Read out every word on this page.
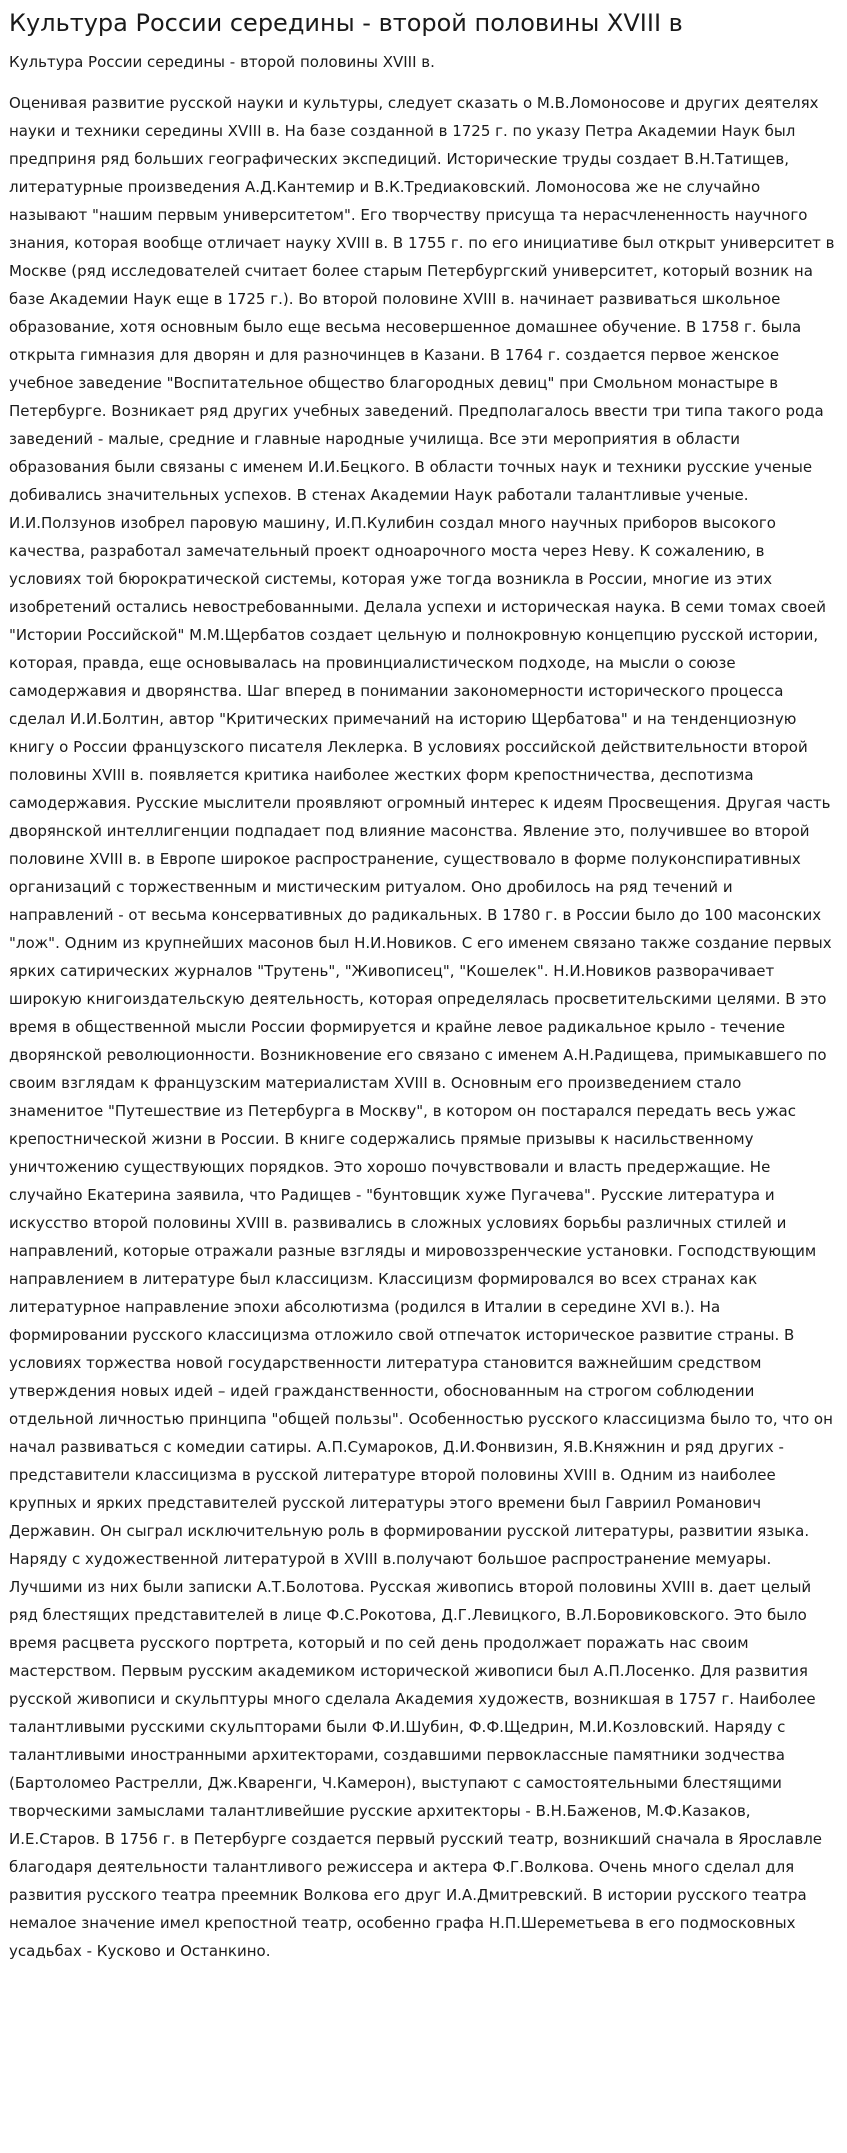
Культура России середины - второй половины XVIII в
Культура России середины - второй половины XVIII в.

Оценивая развитие русской науки и культуры, следует сказать о М.В.Ломоносове и других деятелях науки и техники середины XVIII в. На базе созданной в 1725 г. по указу Петра Академии Наук был предприня ряд больших географических экспедиций. Исторические труды создает В.Н.Татищев, литературные произведения А.Д.Кантемир и В.К.Тредиаковский. Ломоносова же не случайно называют "нашим первым университетом". Его творчеству присуща та нерасчлененность научного знания, которая вообще отличает науку XVIII в. В 1755 г. по его инициативе был открыт университет в Москве (ряд исследователей считает более старым Петербургский университет, который возник на базе Академии Наук еще в 1725 г.). Во второй половине XVIII в. начинает развиваться школьное образование, хотя основным было еще весьма несовершенное домашнее обучение. В 1758 г. была открыта гимназия для дворян и для разночинцев в Казани. В 1764 г. создается первое женское учебное заведение "Воспитательное общество благородных девиц" при Смольном монастыре в Петербурге. Возникает ряд других учебных заведений. Предполагалось ввести три типа такого рода заведений - малые, средние и главные народные училища. Все эти мероприятия в области образования были связаны с именем И.И.Бецкого. В области точных наук и техники русские ученые добивались значительных успехов. В стенах Академии Наук работали талантливые ученые. И.И.Ползунов изобрел паровую машину, И.П.Кулибин создал много научных приборов высокого качества, разработал замечательный проект одноарочного моста через Неву. К сожалению, в условиях той бюрократической системы, которая уже тогда возникла в России, многие из этих изобретений остались невостребованными. Делала успехи и историческая наука. В семи томах своей "Истории Российской" М.М.Щербатов создает цельную и полнокровную концепцию русской истории, которая, правда, еще основывалась на провинциалистическом подходе, на мысли о союзе самодержавия и дворянства. Шаг вперед в понимании закономерности исторического процесса сделал И.И.Болтин, автор "Критических примечаний на историю Щербатова" и на тенденциозную книгу о России французского писателя Леклерка. В условиях российской действительности второй половины XVIII в. появляется критика наиболее жестких форм крепостничества, деспотизма самодержавия. Русские мыслители проявляют огромный интерес к идеям Просвещения. Другая часть дворянской интеллигенции подпадает под влияние масонства. Явление это, получившее во второй половине XVIII в. в Европе широкое распространение, существовало в форме полуконспиративных организаций с торжественным и мистическим ритуалом. Оно дробилось на ряд течений и направлений - от весьма консервативных до радикальных. В 1780 г. в России было до 100 масонских "лож". Одним из крупнейших масонов был Н.И.Новиков. С его именем связано также создание первых ярких сатирических журналов "Трутень", "Живописец", "Кошелек". Н.И.Новиков разворачивает широкую книгоиздательскую деятельность, которая определялась просветительскими целями. В это время в общественной мысли России формируется и крайне левое радикальное крыло - течение дворянской революционности. Возникновение его связано с именем А.Н.Радищева, примыкавшего по своим взглядам к французским материалистам XVIII в. Основным его произведением стало знаменитое "Путешествие из Петербурга в Москву", в котором он постарался передать весь ужас крепостнической жизни в России. В книге содержались прямые призывы к насильственному уничтожению существующих порядков. Это хорошо почувствовали и власть предержащие. Не случайно Екатерина заявила, что Радищев - "бунтовщик хуже Пугачева". Русские литература и искусство второй половины XVIII в. развивались в сложных условиях борьбы различных стилей и направлений, которые отражали разные взгляды и мировоззренческие установки. Господствующим направлением в литературе был классицизм. Классицизм формировался во всех странах как литературное направление эпохи абсолютизма (родился в Италии в середине XVI в.). На формировании русского классицизма отложило свой отпечаток историческое развитие страны. В условиях торжества новой государственности литература становится важнейшим средством утверждения новых идей – идей гражданственности, обоснованным на строгом соблюдении отдельной личностью принципа "общей пользы". Особенностью русского классицизма было то, что он начал развиваться с комедии сатиры. А.П.Сумароков, Д.И.Фонвизин, Я.В.Княжнин и ряд других - представители классицизма в русской литературе второй половины XVIII в. Одним из наиболее крупных и ярких представителей русской литературы этого времени был Гавриил Романович Державин. Он сыграл исключительную роль в формировании русской литературы, развитии языка. Наряду с художественной литературой в XVIII в.получают большое распространение мемуары. Лучшими из них были записки А.Т.Болотова. Русская живопись второй половины XVIII в. дает целый ряд блестящих представителей в лице Ф.С.Рокотова, Д.Г.Левицкого, В.Л.Боровиковского. Это было время расцвета русского портрета, который и по сей день продолжает поражать нас своим мастерством. Первым русским академиком исторической живописи был А.П.Лосенко. Для развития русской живописи и скульптуры много сделала Академия художеств, возникшая в 1757 г. Наиболее талантливыми русскими скульпторами были Ф.И.Шубин, Ф.Ф.Щедрин, М.И.Козловский. Наряду с талантливыми иностранными архитекторами, создавшими первоклассные памятники зодчества (Бартоломео Растрелли, Дж.Кваренги, Ч.Камерон), выступают с самостоятельными блестящими творческими замыслами талантливейшие русские архитекторы - В.Н.Баженов, М.Ф.Казаков, И.Е.Старов. В 1756 г. в Петербурге создается первый русский театр, возникший сначала в Ярославле благодаря деятельности талантливого режиссера и актера Ф.Г.Волкова. Очень много сделал для развития русского театра преемник Волкова его друг И.А.Дмитревский. В истории русского театра немалое значение имел крепостной театр, особенно графа Н.П.Шереметьева в его подмосковных усадьбах - Кусково и Останкино.
